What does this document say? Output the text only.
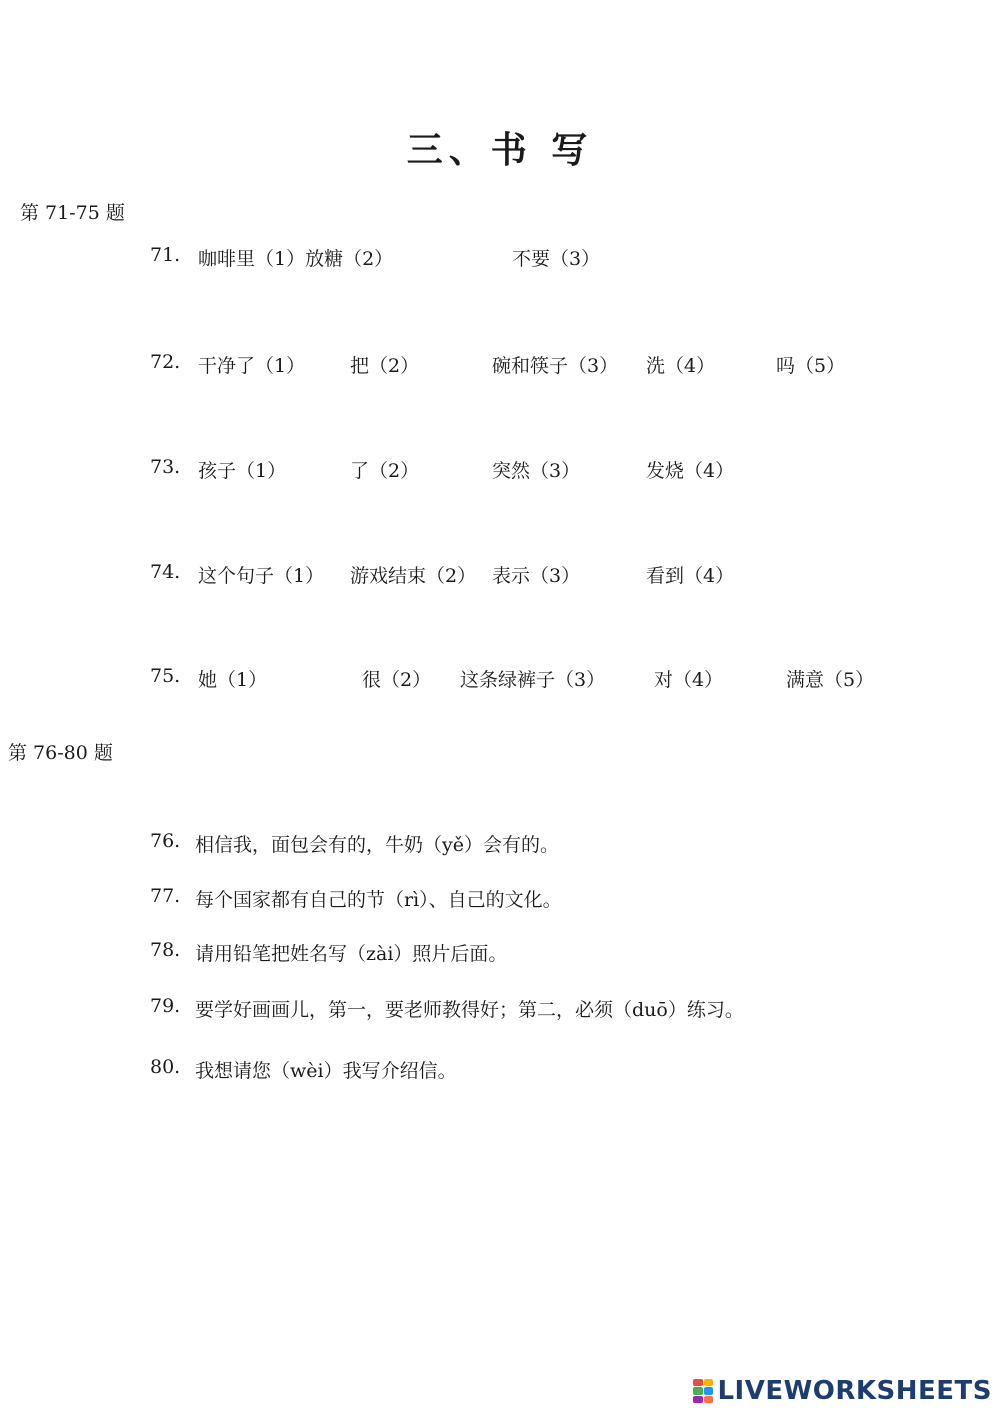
三、书 写
第 71-75 题
71. 咖啡里（1）放糖（2）	不要（3）
72. 干净了（1） 把（2）	碗和筷子（3） 洗（4）	吗（5）
73. 孩子（1）	了（2）	突然（3）	发烧（4）
74. 这个句子（1） 游戏结束（2） 表示（3）	看到（4）
75. 她（1）	很（2） 这条绿裤子（3）	对（4）	满意（5）
第 76-80 题
76. 相信我，面包会有的，牛奶（yě）会有的。
77. 每个国家都有自己的节（rì）、自己的文化。
78. 请用铅笔把姓名写（zài）照片后面。
79. 要学好画画儿，第一，要老师教得好；第二，必须（duō）练习。
80. 我想请您（wèi）我写介绍信。
LIVEWORKSHEETS
